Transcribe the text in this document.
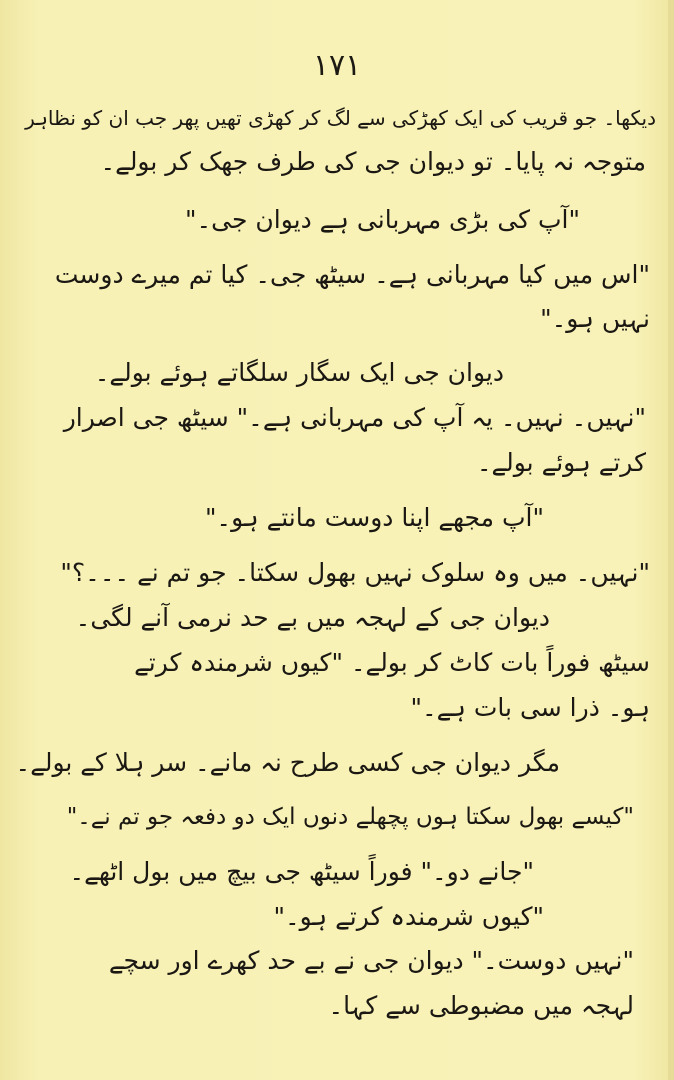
۱۷۱
دیکھا۔ جو قریب کی ایک کھڑکی سے لگ کر کھڑی تھیں پھر جب ان کو نظاہر
متوجہ نہ پایا۔ تو دیوان جی کی طرف جھک کر بولے۔
"آپ کی بڑی مہربانی ہے دیوان جی۔"
"اس میں کیا مہربانی ہے۔ سیٹھ جی۔ کیا تم میرے دوست
نہیں ہو۔"
دیوان جی ایک سگار سلگاتے ہوئے بولے۔
"نہیں۔ نہیں۔ یہ آپ کی مہربانی ہے۔" سیٹھ جی اصرار
کرتے ہوئے بولے۔
"آپ مجھے اپنا دوست مانتے ہو۔"
"نہیں۔ میں وہ سلوک نہیں بھول سکتا۔ جو تم نے ۔۔۔؟"
دیوان جی کے لہجہ میں بے حد نرمی آنے لگی۔
سیٹھ فوراً بات کاٹ کر بولے۔ "کیوں شرمندہ کرتے
ہو۔ ذرا سی بات ہے۔"
مگر دیوان جی کسی طرح نہ مانے۔ سر ہلا کے بولے۔
"کیسے بھول سکتا ہوں پچھلے دنوں ایک دو دفعہ جو تم نے۔"
"جانے دو۔" فوراً سیٹھ جی بیچ میں بول اٹھے۔
"کیوں شرمندہ کرتے ہو۔"
"نہیں دوست۔" دیوان جی نے بے حد کھرے اور سچے
لہجہ میں مضبوطی سے کہا۔
